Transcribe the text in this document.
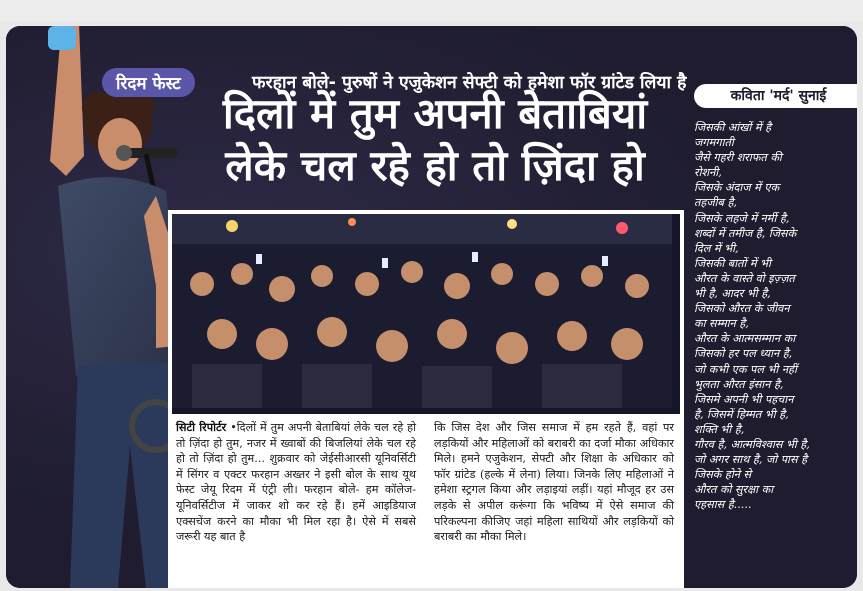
रिदम फेस्ट	फरहान बोले- पुरुषों ने एजुकेशन सेफ्टी को हमेशा फॉर ग्रांटेड लिया है
दिलों में तुम अपनी बेताबियां
लेके चल रहे हो तो ज़िंदा हो
कविता 'मर्द' सुनाई
जिसकी आंखों में है
जगमगाती
जैसे गहरी शराफत की
रोशनी,
जिसके अंदाज में एक
तहजीब है,
जिसके लहजे में नर्मी है,
शब्दों में तमीज है, जिसके
दिल में भी,
जिसकी बातों में भी
औरत के वास्ते वो इज़्ज़त
भी है, आदर भी है,
जिसको औरत के जीवन
का सम्मान है,
औरत के आत्मसम्मान का
जिसको हर पल ध्यान है,
जो कभी एक पल भी नहीं
भुलता औरत इंसान है,
जिसमे अपनी भी पहचान
है, जिसमें हिम्मत भी है,
शक्ति भी है,
गौरव है, आत्मविश्वास भी है,
जो अगर साथ है, जो पास है
जिसके होने से
औरत को सुरक्षा का
एहसास है.....
सिटी रिपोर्टर •दिलों में तुम अपनी बेताबियां लेके चल रहे हो तो ज़िंदा हो तुम, नजर में ख्वाबों की बिजलियां लेके चल रहे हो तो ज़िंदा हो तुम... शुक्रवार को जेईसीआरसी यूनिवर्सिटी में सिंगर व एक्टर फरहान अख्तर ने इसी बोल के साथ यूथ फेस्ट जेयू रिदम में एंट्री ली। फरहान बोले- हम कॉलेज-यूनिवर्सिटीज में जाकर शो कर रहे हैं। हमें आइडियाज एक्सचेंज करने का मौका भी मिल रहा है। ऐसे में सबसे जरूरी यह बात है
कि जिस देश और जिस समाज में हम रहते हैं, वहां पर लड़कियों और महिलाओं को बराबरी का दर्जा मौका अधिकार मिले। हमने एजुकेशन, सेफ्टी और शिक्षा के अधिकार को फॉर ग्रांटेड (हल्के में लेना) लिया। जिनके लिए महिलाओं ने हमेशा स्ट्रगल किया और लड़ाइयां लड़ीं। यहां मौजूद हर उस लड़के से अपील करूंगा कि भविष्य में ऐसे समाज की परिकल्पना कीजिए जहां महिला साथियों और लड़कियों को बराबरी का मौका मिले।
